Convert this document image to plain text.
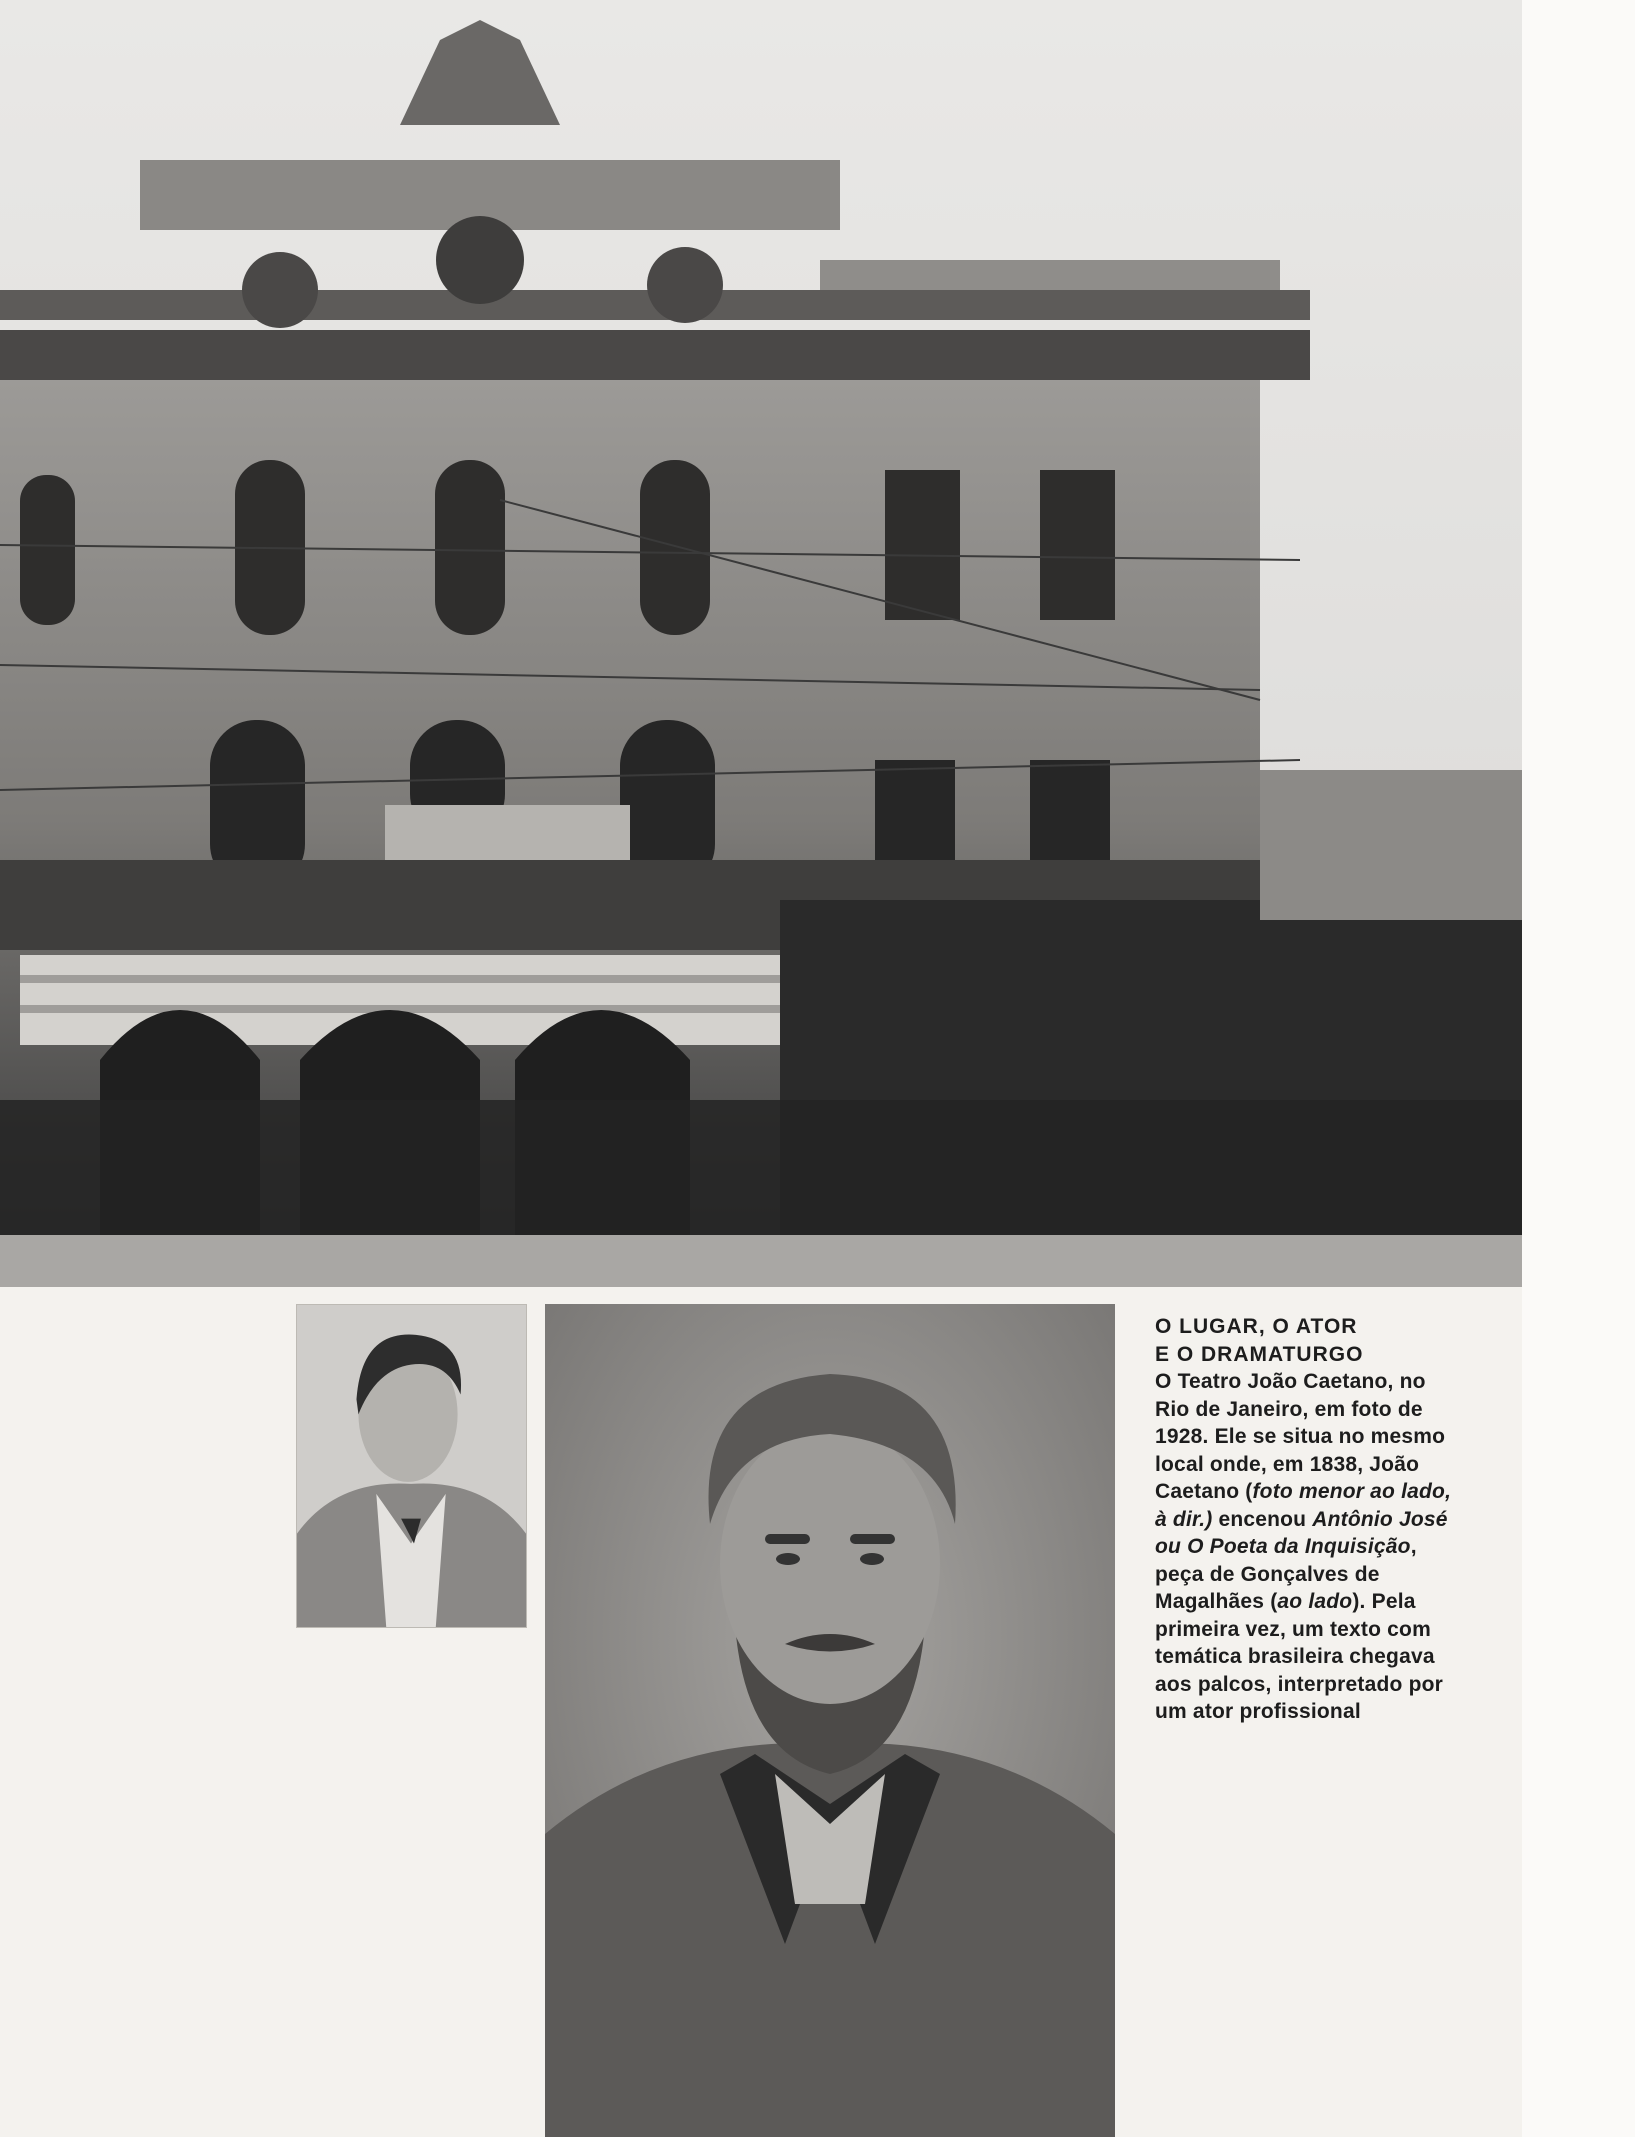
O LUGAR, O ATOR
E O DRAMATURGO
O Teatro João Caetano, no Rio de Janeiro, em foto de 1928. Ele se situa no mesmo local onde, em 1838, João Caetano (foto menor ao lado, à dir.) encenou Antônio José ou O Poeta da Inquisição, peça de Gonçalves de Magalhães (ao lado). Pela primeira vez, um texto com temática brasileira chegava aos palcos, interpretado por um ator profissional
